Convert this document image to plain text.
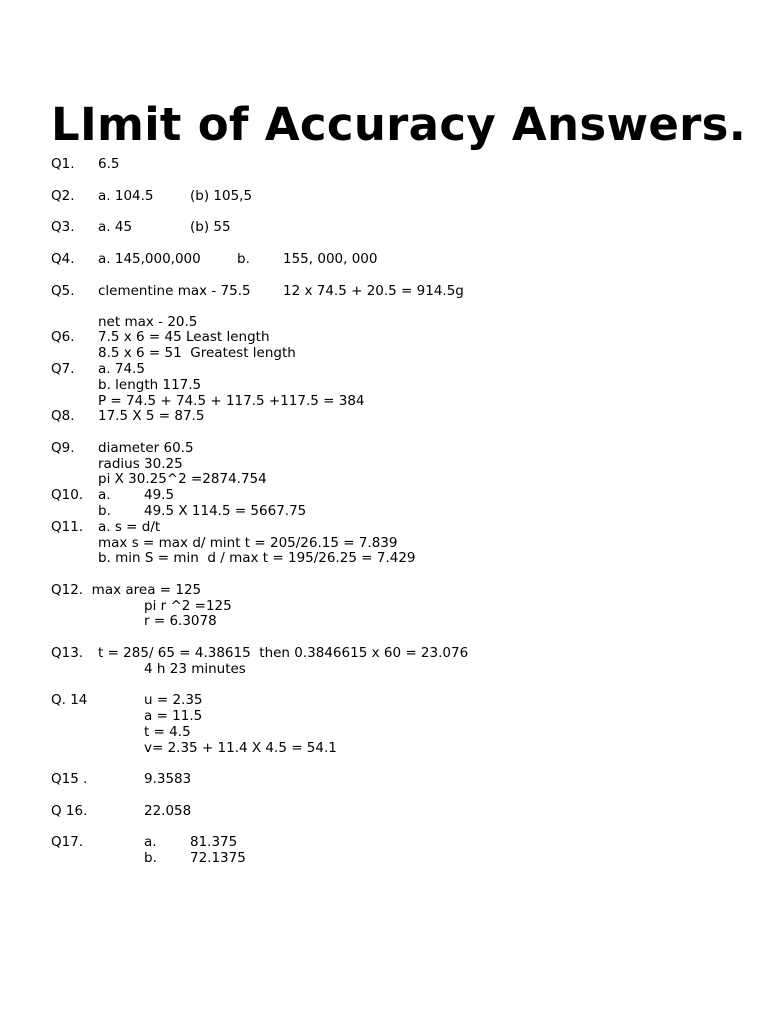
LImit of Accuracy Answers.
Q1. 6.5
Q2. a. 104.5	(b) 105,5
Q3. a. 45	(b) 55
Q4. a. 145,000,000	b. 155, 000, 000
Q5. clementine max - 75.5 12 x 74.5 + 20.5 = 914.5g
net max - 20.5
Q6. 7.5 x 6 = 45 Least length
8.5 x 6 = 51  Greatest length
Q7. a. 74.5
b. length 117.5
P = 74.5 + 74.5 + 117.5 +117.5 = 384
Q8. 17.5 X 5 = 87.5
Q9. diameter 60.5
radius 30.25
pi X 30.25^2 =2874.754
Q10. a. 49.5
b. 49.5 X 114.5 = 5667.75
Q11. a. s = d/t
max s = max d/ mint t = 205/26.15 = 7.839
b. min S = min  d / max t = 195/26.25 = 7.429
Q12.  max area = 125
pi r ^2 =125
r = 6.3078
Q13. t = 285/ 65 = 4.38615  then 0.3846615 x 60 = 23.076
4 h 23 minutes
Q. 14	u = 2.35
a = 11.5
t = 4.5
v= 2.35 + 11.4 X 4.5 = 54.1
Q15 .	9.3583
Q 16.	22.058
Q17.	a. 81.375
b. 72.1375
